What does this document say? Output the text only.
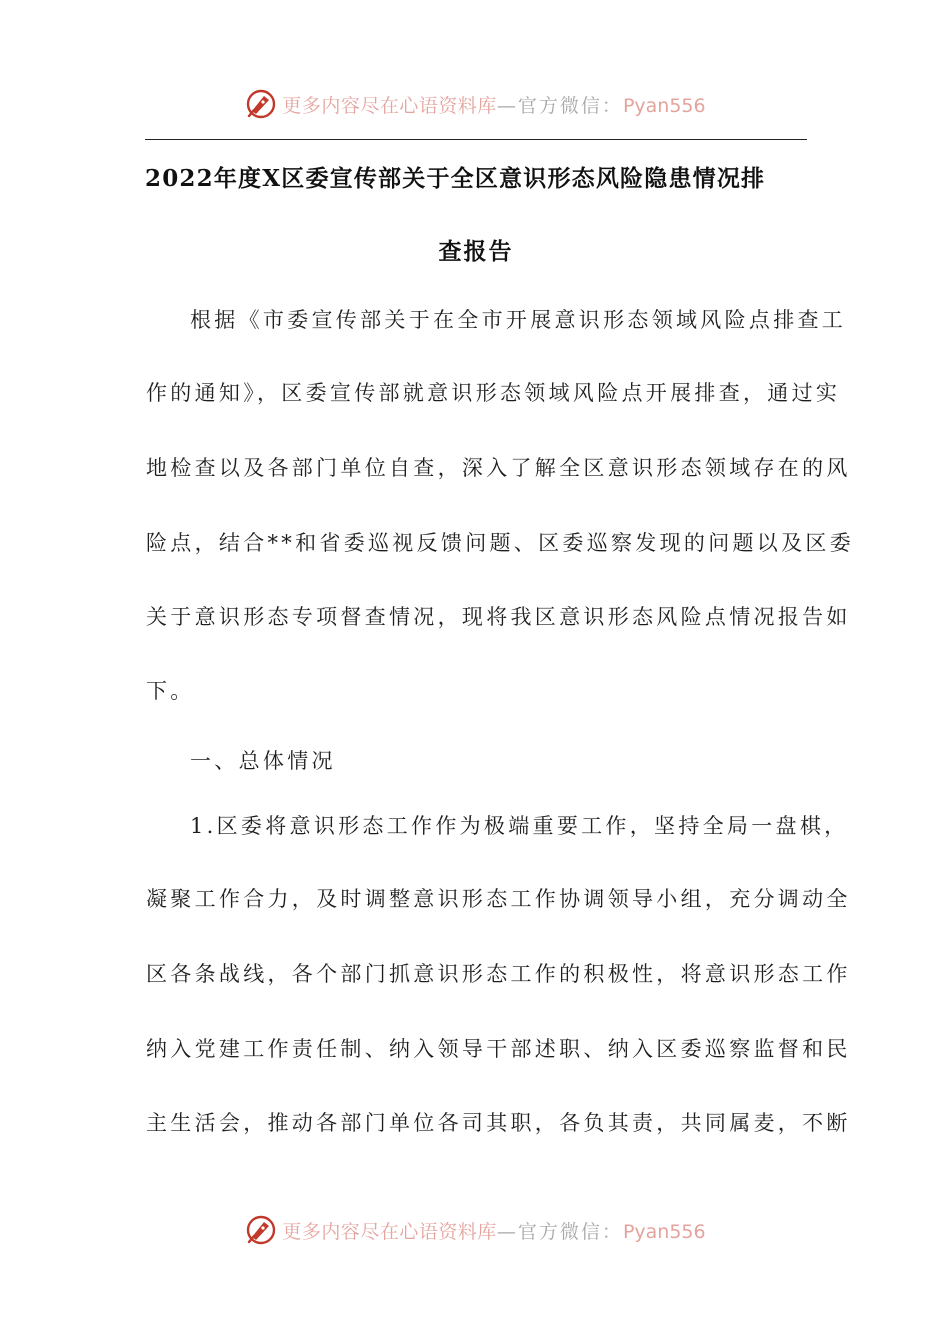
更多内容尽在心语资料库—官方微信：Pyan556
2022年度X区委宣传部关于全区意识形态风险隐患情况排
查报告
根据《市委宣传部关于在全市开展意识形态领域风险点排查工
作的通知》，区委宣传部就意识形态领域风险点开展排查，通过实
地检查以及各部门单位自查，深入了解全区意识形态领域存在的风
险点，结合**和省委巡视反馈问题、区委巡察发现的问题以及区委
关于意识形态专项督查情况，现将我区意识形态风险点情况报告如
下。
一、总体情况
1.区委将意识形态工作作为极端重要工作，坚持全局一盘棋，
凝聚工作合力，及时调整意识形态工作协调领导小组，充分调动全
区各条战线，各个部门抓意识形态工作的积极性，将意识形态工作
纳入党建工作责任制、纳入领导干部述职、纳入区委巡察监督和民
主生活会，推动各部门单位各司其职，各负其责，共同属麦，不断
更多内容尽在心语资料库—官方微信：Pyan556
